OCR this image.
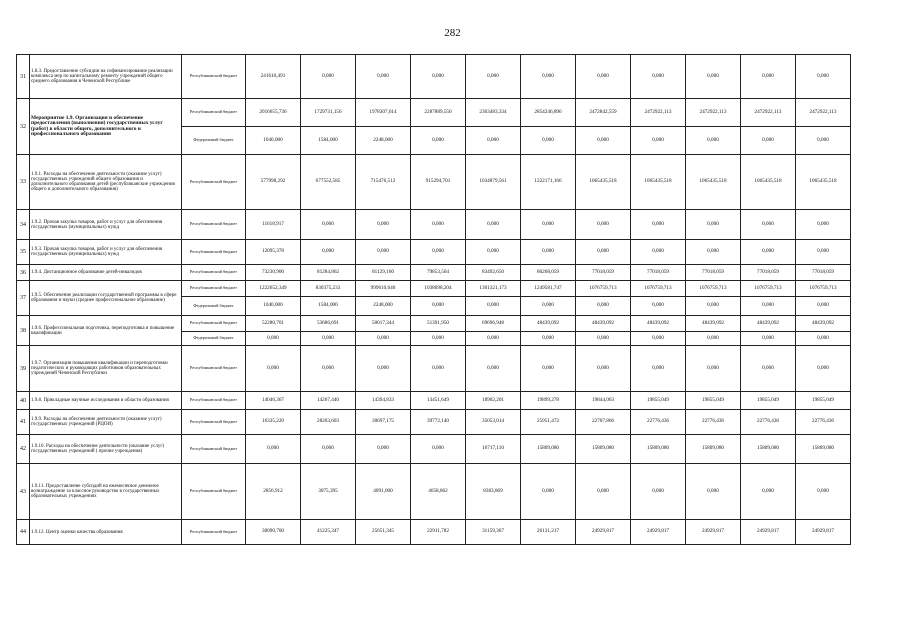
282
31	1.8.3. Предоставление субсидии на софинансирование реализации комплекса мер по капитальному ремонту учреждений общего среднего образования в Чеченской Республике	Республиканский бюджет	241610,491	0,000	0,000	0,000	0,000	0,000	0,000	0,000	0,000	0,000	0,000
32	Мероприятие 1.9. Организация и обеспечение предоставления (выполнения) государственных услуг (работ) в области общего, дополнительного и профессионального образования	Республиканский бюджет	2016655,736	1729731,156	1978307,014	2287889,550	2363483,334	2854246,896	2472842,559	2472922,113	2472922,113	2472922,113	2472922,113
		Федеральный бюджет	1040,000	1584,000	2248,000	0,000	0,000	0,000	0,000	0,000	0,000	0,000	0,000
33	1.9.1. Расходы на обеспечение деятельности (оказание услуг) государственных учреждений общего образования и дополнительного образования детей (республиканские учреждения общего и дополнительного образования)	Республиканский бюджет	577998,292	677552,585	715476,512	915294,701	1034879,561	1222171,166	1065435,518	1065435,518	1065435,518	1065435,518	1065435,518
34	1.9.2. Прочая закупка товаров, работ и услуг для обеспечения государственных (муниципальных) нужд	Республиканский бюджет	11618,917	0,000	0,000	0,000	0,000	0,000	0,000	0,000	0,000	0,000	0,000
35	1.9.3. Прочая закупка товаров, работ и услуг для обеспечения государственных (муниципальных) нужд	Республиканский бюджет	12095,378	0,000	0,000	0,000	0,000	0,000	0,000	0,000	0,000	0,000	0,000
36	1.9.4. Дистанционное образование детей-инвалидов	Республиканский бюджет	73230,900	81284,862	81129,160	79853,504	83492,650	80268,059	77018,059	77018,059	77018,059	77018,059	77018,059
37	1.9.5. Обеспечение реализации государственной программы в сфере образования и науки (среднее профессиональное образование)	Республиканский бюджет	1222652,349	830375,233	999610,640	1038098,204	1301321,173	1249581,747	1076759,713	1076759,713	1076759,713	1076759,713	1076759,713
		Федеральный бюджет	1040,000	1584,000	2248,000	0,000	0,000	0,000	0,000	0,000	0,000	0,000	0,000
38	1.9.6. Профессиональная подготовка, переподготовка и повышение квалификации	Республиканский бюджет	52280,701	53686,691	50017,344	51391,950	69696,948	48439,092	48439,092	48439,092	48439,092	48439,092	48439,092
		Федеральный бюджет	0,000	0,000	0,000	0,000	0,000	0,000	0,000	0,000	0,000	0,000	0,000
39	1.9.7. Организация повышения квалификации и переподготовки педагогических и руководящих работников образовательных учреждений Чеченской Республики	Республиканский бюджет	0,000	0,000	0,000	0,000	0,000	0,000	0,000	0,000	0,000	0,000	0,000
40	1.9.8. Прикладные научные исследования в области образования	Республиканский бюджет	14046,367	14267,440	14394,833	13451,649	18902,201	19899,278	19844,063	19855,049	19855,049	19855,049	19855,049
41	1.9.9. Расходы на обеспечение деятельности (оказание услуг) государственных учреждений (РЦОИ)	Республиканский бюджет	16335,220	28263,603	30697,175	39772,140	35053,014	25951,472	22707,866	22776,436	22776,436	22776,436	22776,436
42	1.9.10. Расходы на обеспечение деятельности (оказание услуг) государственных учреждений ( прочие учреждения)	Республиканский бюджет	0,000	0,000	0,000	0,000	16717,110	15809,080	15809,080	15809,080	15809,080	15809,080	15809,080
43	1.9.11. Предоставление субсидий на ежемесячное денежное вознаграждение за классное руководство в государственных образовательных учреждениях	Республиканский бюджет	2856,912	3075,395	4091,000	4658,862	8383,869	0,000	0,000	0,000	0,000	0,000	0,000
44	1.9.12. Центр оценки качества образования	Республиканский бюджет	30090,700	41225,347	25651,345	22911,782	31159,367	26131,217	24929,817	24929,817	24929,817	24929,817	24929,817
